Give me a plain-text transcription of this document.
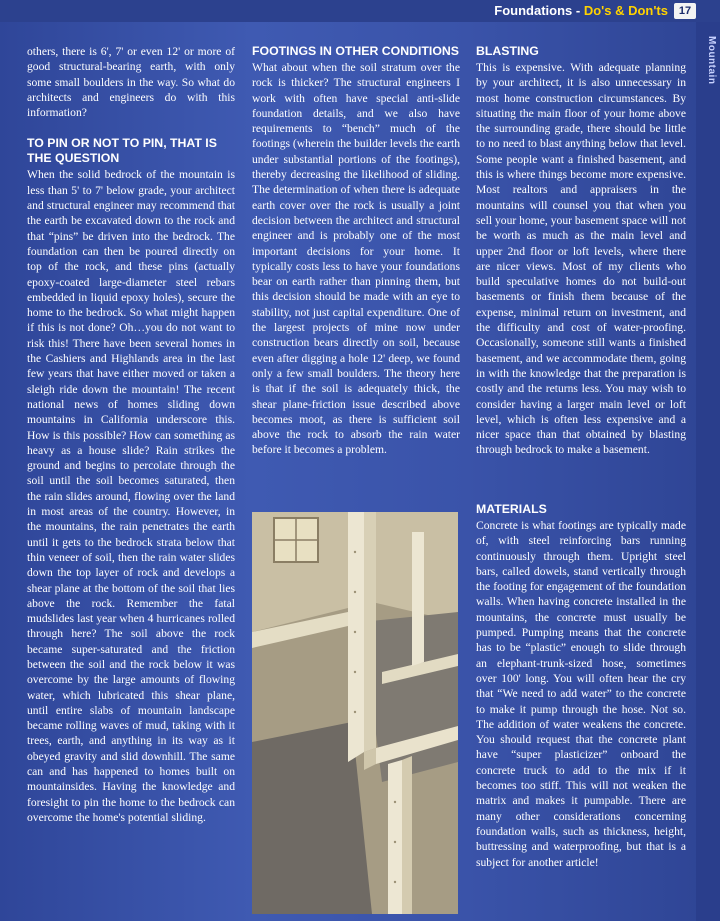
Foundations - Do's & Don'ts 17
Mountain

others, there is 6', 7' or even 12' or more of good structural-bearing earth, with only some small boulders in the way. So what do architects and engineers do with this information?

TO PIN OR NOT TO PIN, THAT IS THE QUESTION

When the solid bedrock of the mountain is less than 5' to 7' below grade, your architect and structural engineer may recommend that the earth be excavated down to the rock and that “pins” be driven into the bedrock. The foundation can then be poured directly on top of the rock, and these pins (actually epoxy-coated large-diameter steel rebars embedded in liquid epoxy holes), secure the home to the bedrock. So what might happen if this is not done? Oh…you do not want to risk this! There have been several homes in the Cashiers and Highlands area in the last few years that have either moved or taken a sleigh ride down the mountain! The recent national news of homes sliding down mountains in California underscore this. How is this possible? How can something as heavy as a house slide? Rain strikes the ground and begins to percolate through the soil until the soil becomes saturated, then the rain slides around, flowing over the land in most areas of the country. However, in the mountains, the rain penetrates the earth until it gets to the bedrock strata below that thin veneer of soil, then the rain water slides down the top layer of rock and develops a shear plane at the bottom of the soil that lies above the rock. Remember the fatal mudslides last year when 4 hurricanes rolled through here? The soil above the rock became super-saturated and the friction between the soil and the rock below it was overcome by the large amounts of flowing water, which lubricated this shear plane, until entire slabs of mountain landscape became rolling waves of mud, taking with it trees, earth, and anything in its way as it obeyed gravity and slid downhill. The same can and has happened to homes built on mountainsides. Having the knowledge and foresight to pin the home to the bedrock can overcome the home's potential sliding.

FOOTINGS IN OTHER CONDITIONS

What about when the soil stratum over the rock is thicker? The structural engineers I work with often have special anti-slide foundation details, and we also have requirements to “bench” much of the footings (wherein the builder levels the earth under substantial portions of the footings), thereby decreasing the likelihood of sliding. The determination of when there is adequate earth cover over the rock is usually a joint decision between the architect and structural engineer and is probably one of the most important decisions for your home. It typically costs less to have your foundations bear on earth rather than pinning them, but this decision should be made with an eye to stability, not just capital expenditure. One of the largest projects of mine now under construction bears directly on soil, because even after digging a hole 12' deep, we found only a few small boulders. The theory here is that if the soil is adequately thick, the shear plane-friction issue described above becomes moot, as there is sufficient soil above the rock to absorb the rain water before it becomes a problem.

BLASTING

This is expensive. With adequate planning by your architect, it is also unnecessary in most home construction circumstances. By situating the main floor of your home above the surrounding grade, there should be little to no need to blast anything below that level. Some people want a finished basement, and this is where things become more expensive. Most realtors and appraisers in the mountains will counsel you that when you sell your home, your basement space will not be worth as much as the main level and upper 2nd floor or loft levels, where there are nicer views. Most of my clients who build speculative homes do not build-out basements or finish them because of the expense, minimal return on investment, and the difficulty and cost of water-proofing. Occasionally, someone still wants a finished basement, and we accommodate them, going in with the knowledge that the preparation is costly and the returns less. You may wish to consider having a larger main level or loft level, which is often less expensive and a nicer space than that obtained by blasting through bedrock to make a basement.

MATERIALS

Concrete is what footings are typically made of, with steel reinforcing bars running continuously through them. Upright steel bars, called dowels, stand vertically through the footing for engagement of the foundation walls. When having concrete installed in the mountains, the concrete must usually be pumped. Pumping means that the concrete has to be “plastic” enough to slide through an elephant-trunk-sized hose, sometimes over 100' long. You will often hear the cry that “We need to add water” to the concrete to make it pump through the hose. Not so. The addition of water weakens the concrete. You should request that the concrete plant have “super plasticizer” onboard the concrete truck to add to the mix if it becomes too stiff. This will not weaken the matrix and makes it pumpable. There are many other considerations concerning foundation walls, such as thickness, height, buttressing and waterproofing, but that is a subject for another article!
